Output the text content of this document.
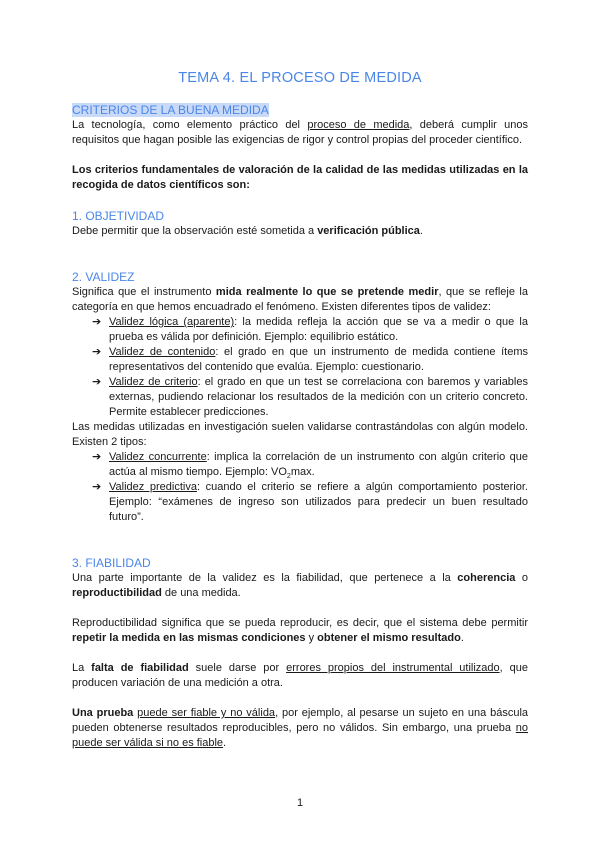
TEMA 4. EL PROCESO DE MEDIDA

CRITERIOS DE LA BUENA MEDIDA

La tecnología, como elemento práctico del proceso de medida, deberá cumplir unos requisitos que hagan posible las exigencias de rigor y control propias del proceder científico.

Los criterios fundamentales de valoración de la calidad de las medidas utilizadas en la recogida de datos científicos son:

1. OBJETIVIDAD

Debe permitir que la observación esté sometida a verificación pública.

2. VALIDEZ

Significa que el instrumento mida realmente lo que se pretende medir, que se refleje la categoría en que hemos encuadrado el fenómeno. Existen diferentes tipos de validez:

➔ Validez lógica (aparente): la medida refleja la acción que se va a medir o que la prueba es válida por definición. Ejemplo: equilibrio estático.
➔ Validez de contenido: el grado en que un instrumento de medida contiene ítems representativos del contenido que evalúa. Ejemplo: cuestionario.
➔ Validez de criterio: el grado en que un test se correlaciona con baremos y variables externas, pudiendo relacionar los resultados de la medición con un criterio concreto. Permite establecer predicciones.

Las medidas utilizadas en investigación suelen validarse contrastándolas con algún modelo. Existen 2 tipos:

➔ Validez concurrente: implica la correlación de un instrumento con algún criterio que actúa al mismo tiempo. Ejemplo: $VO_2\max$.
➔ Validez predictiva: cuando el criterio se refiere a algún comportamiento posterior. Ejemplo: “exámenes de ingreso son utilizados para predecir un buen resultado futuro”.

3. FIABILIDAD

Una parte importante de la validez es la fiabilidad, que pertenece a la coherencia o reproductibilidad de una medida.

Reproductibilidad significa que se pueda reproducir, es decir, que el sistema debe permitir repetir la medida en las mismas condiciones y obtener el mismo resultado.

La falta de fiabilidad suele darse por errores propios del instrumental utilizado, que producen variación de una medición a otra.

Una prueba puede ser fiable y no válida, por ejemplo, al pesarse un sujeto en una báscula pueden obtenerse resultados reproducibles, pero no válidos. Sin embargo, una prueba no puede ser válida si no es fiable.

1
